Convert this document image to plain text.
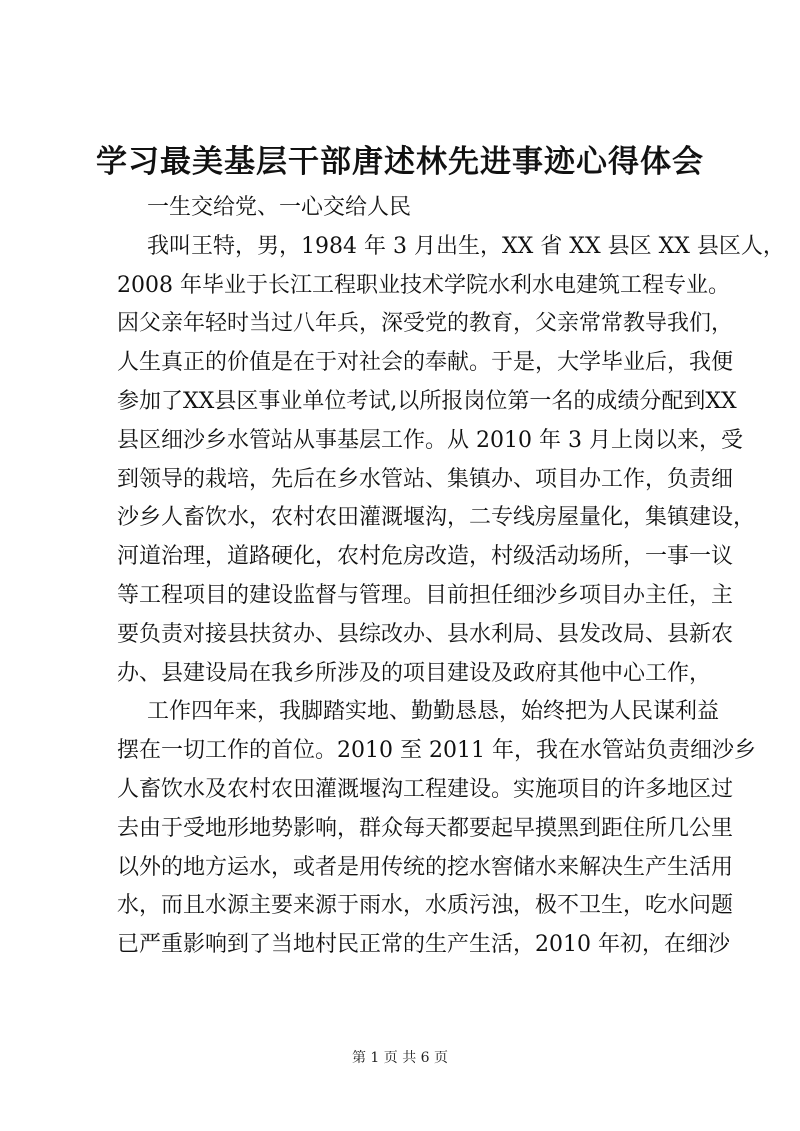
学习最美基层干部唐述林先进事迹心得体会
一生交给党、一心交给人民
我叫王特，男，1984 年 3 月出生，XX 省 XX 县区 XX 县区人，
2008 年毕业于长江工程职业技术学院水利水电建筑工程专业。
因父亲年轻时当过八年兵，深受党的教育，父亲常常教导我们，
人生真正的价值是在于对社会的奉献。于是，大学毕业后，我便
参加了XX县区事业单位考试,以所报岗位第一名的成绩分配到XX
县区细沙乡水管站从事基层工作。从 2010 年 3 月上岗以来，受
到领导的栽培，先后在乡水管站、集镇办、项目办工作，负责细
沙乡人畜饮水，农村农田灌溉堰沟，二专线房屋量化，集镇建设，
河道治理，道路硬化，农村危房改造，村级活动场所，一事一议
等工程项目的建设监督与管理。目前担任细沙乡项目办主任，主
要负责对接县扶贫办、县综改办、县水利局、县发改局、县新农
办、县建设局在我乡所涉及的项目建设及政府其他中心工作，
工作四年来，我脚踏实地、勤勤恳恳，始终把为人民谋利益
摆在一切工作的首位。2010 至 2011 年，我在水管站负责细沙乡
人畜饮水及农村农田灌溉堰沟工程建设。实施项目的许多地区过
去由于受地形地势影响，群众每天都要起早摸黑到距住所几公里
以外的地方运水，或者是用传统的挖水窖储水来解决生产生活用
水，而且水源主要来源于雨水，水质污浊，极不卫生，吃水问题
已严重影响到了当地村民正常的生产生活，2010 年初，在细沙
第 1 页 共 6 页
